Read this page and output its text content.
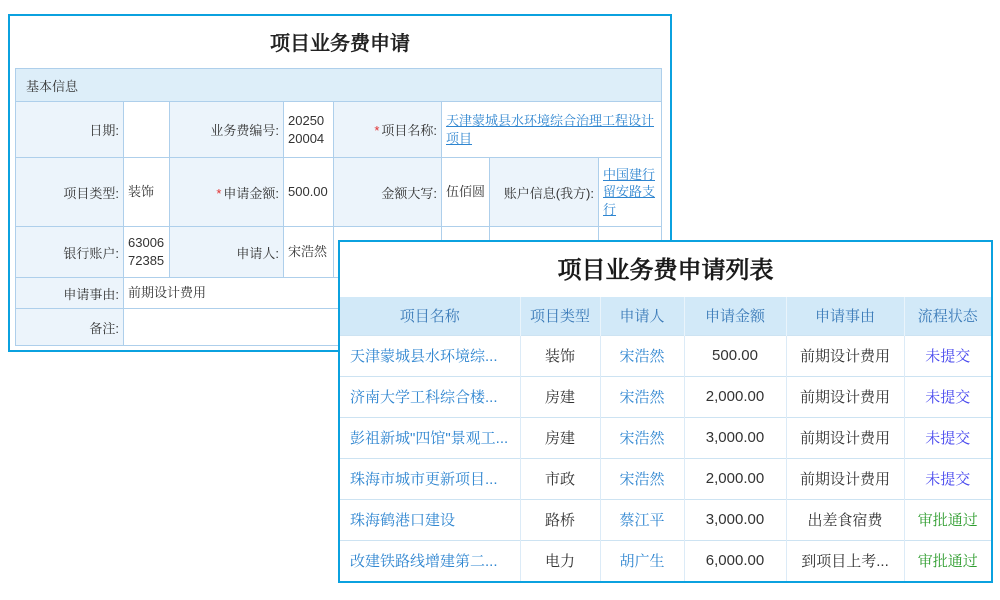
项目业务费申请
基本信息							
日期:		业务费编号:	2025020004	* 项目名称:	天津蒙城县水环境综合治理工程设计项目		
项目类型:	装饰	* 申请金额:	500.00	金额大写:	伍佰圆	账户信息(我方):	中国建行留安路支行
银行账户:	6300672385	申请人:	宋浩然				
申请事由:	前期设计费用						
备注:							
项目业务费申请列表
项目名称	项目类型	申请人	申请金额	申请事由	流程状态
天津蒙城县水环境综...	装饰	宋浩然	500.00	前期设计费用	未提交
济南大学工科综合楼...	房建	宋浩然	2,000.00	前期设计费用	未提交
彭祖新城"四馆"景观工...	房建	宋浩然	3,000.00	前期设计费用	未提交
珠海市城市更新项目...	市政	宋浩然	2,000.00	前期设计费用	未提交
珠海鹤港口建设	路桥	蔡江平	3,000.00	出差食宿费	审批通过
改建铁路线增建第二...	电力	胡广生	6,000.00	到项目上考...	审批通过
